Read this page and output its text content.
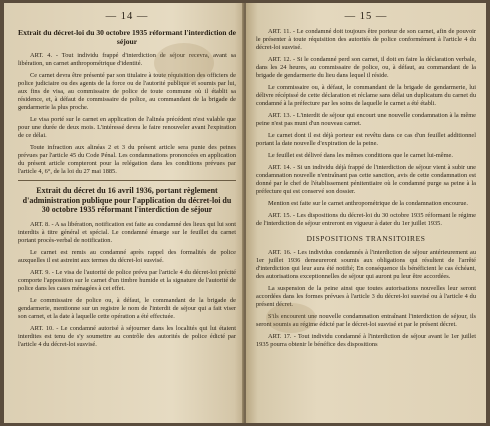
— 14 —
Extrait du décret-loi du 30 octobre 1935 réformant l'interdiction de séjour

ART. 4. - Tout individu frappé d'interdiction de séjour recevra, avant sa libération, un carnet anthropométrique d'identité.

Ce carnet devra être présenté par son titulaire à toute réquisition des officiers de police judiciaire ou des agents de la force ou de l'autorité publique et soumis par lui, aux fins de visa, au commissaire de police de toute commune où il établit sa résidence, et, à défaut de commissaire de police, au commandant de la brigade de gendarmerie la plus proche.

Le visa porté sur le carnet en application de l'alinéa précédent n'est valable que pour une durée de deux mois. L'intéressé devra le faire renouveler avant l'expiration de ce délai.

Toute infraction aux alinéas 2 et 3 du présent article sera punie des peines prévues par l'article 45 du Code Pénal. Les condamnations prononcées en application du présent article compteront pour la relégation dans les conditions prévues par l'article 4, 6°, de la loi du 27 mai 1885.

Extrait du décret du 16 avril 1936, portant règlement d'administration publique pour l'application du décret-loi du 30 octobre 1935 réformant l'interdiction de séjour

ART. 8. - A sa libération, notification est faite au condamné des lieux qui lui sont interdits à titre général et spécial. Le condamné émarge sur le feuillet du carnet portant procès-verbal de notification.

Le carnet est remis au condamné après rappel des formalités de police auxquelles il est astreint aux termes du décret-loi susvisé.

ART. 9. - Le visa de l'autorité de police prévu par l'article 4 du décret-loi précité comporte l'apposition sur le carnet d'un timbre humide et la signature de l'autorité de police dans les cases ménagées à cet effet.

Le commissaire de police ou, à défaut, le commandant de la brigade de gendarmerie, mentionne sur un registre le nom de l'interdit de séjour qui a fait viser son carnet, et la date à laquelle cette opération a été effectuée.

ART. 10. - Le condamné autorisé à séjourner dans les localités qui lui étaient interdites est tenu de s'y soumettre au contrôle des autorités de police édicté par l'article 4 du décret-loi susvisé.

— 15 —

ART. 11. - Le condamné doit toujours être porteur de son carnet, afin de pouvoir le présenter à toute réquisition des autorités de police conformément à l'article 4 du décret-loi susvisé.

ART. 12. - Si le condamné perd son carnet, il doit en faire la déclaration verbale, dans les 24 heures, au commissaire de police, ou, à défaut, au commandant de la brigade de gendarmerie du lieu dans lequel il réside.

Le commissaire ou, à défaut, le commandant de la brigade de gendarmerie, lui délivre récépissé de cette déclaration et réclame sans délai un duplicatum du carnet du condamné à la préfecture par les soins de laquelle le carnet a été établi.

ART. 13. - L'interdit de séjour qui encourt une nouvelle condamnation à la même peine n'est pas muni d'un nouveau carnet.

Le carnet dont il est déjà porteur est revêtu dans ce cas d'un feuillet additionnel portant la date nouvelle d'expiration de la peine.

Le feuillet est délivré dans les mêmes conditions que le carnet lui-même.

ART. 14. - Si un individu déjà frappé de l'interdiction de séjour vient à subir une condamnation nouvelle n'entraînant pas cette sanction, avis de cette condamnation est donné par le chef de l'établissement pénitentiaire où le condamné purge sa peine à la préfecture qui est conservé son dossier.

Mention est faite sur le carnet anthropométrique de la condamnation encourue.

ART. 15. - Les dispositions du décret-loi du 30 octobre 1935 réformant le régime de l'interdiction de séjour entreront en vigueur à dater du 1er juillet 1935.

DISPOSITIONS TRANSITOIRES

ART. 16. - Les individus condamnés à l'interdiction de séjour antérieurement au 1er juillet 1936 demeureront soumis aux obligations qui résultent de l'arrêté d'interdiction qui leur aura été notifié; En conséquence ils bénéficient le cas échéant, des autorisations exceptionnelles de séjour qui auront pu leur être accordées.

La suspension de la peine ainsi que toutes autorisations nouvelles leur seront accordées dans les formes prévues à l'article 3 du décret-loi susvisé ou à l'article 4 du présent décret.

S'ils encourent une nouvelle condamnation entraînant l'interdiction de séjour, ils seront soumis au régime édicté par le décret-loi susvisé et par le présent décret.

ART. 17. - Tout individu condamné à l'interdiction de séjour avant le 1er juillet 1935 pourra obtenir le bénéfice des dispositions
